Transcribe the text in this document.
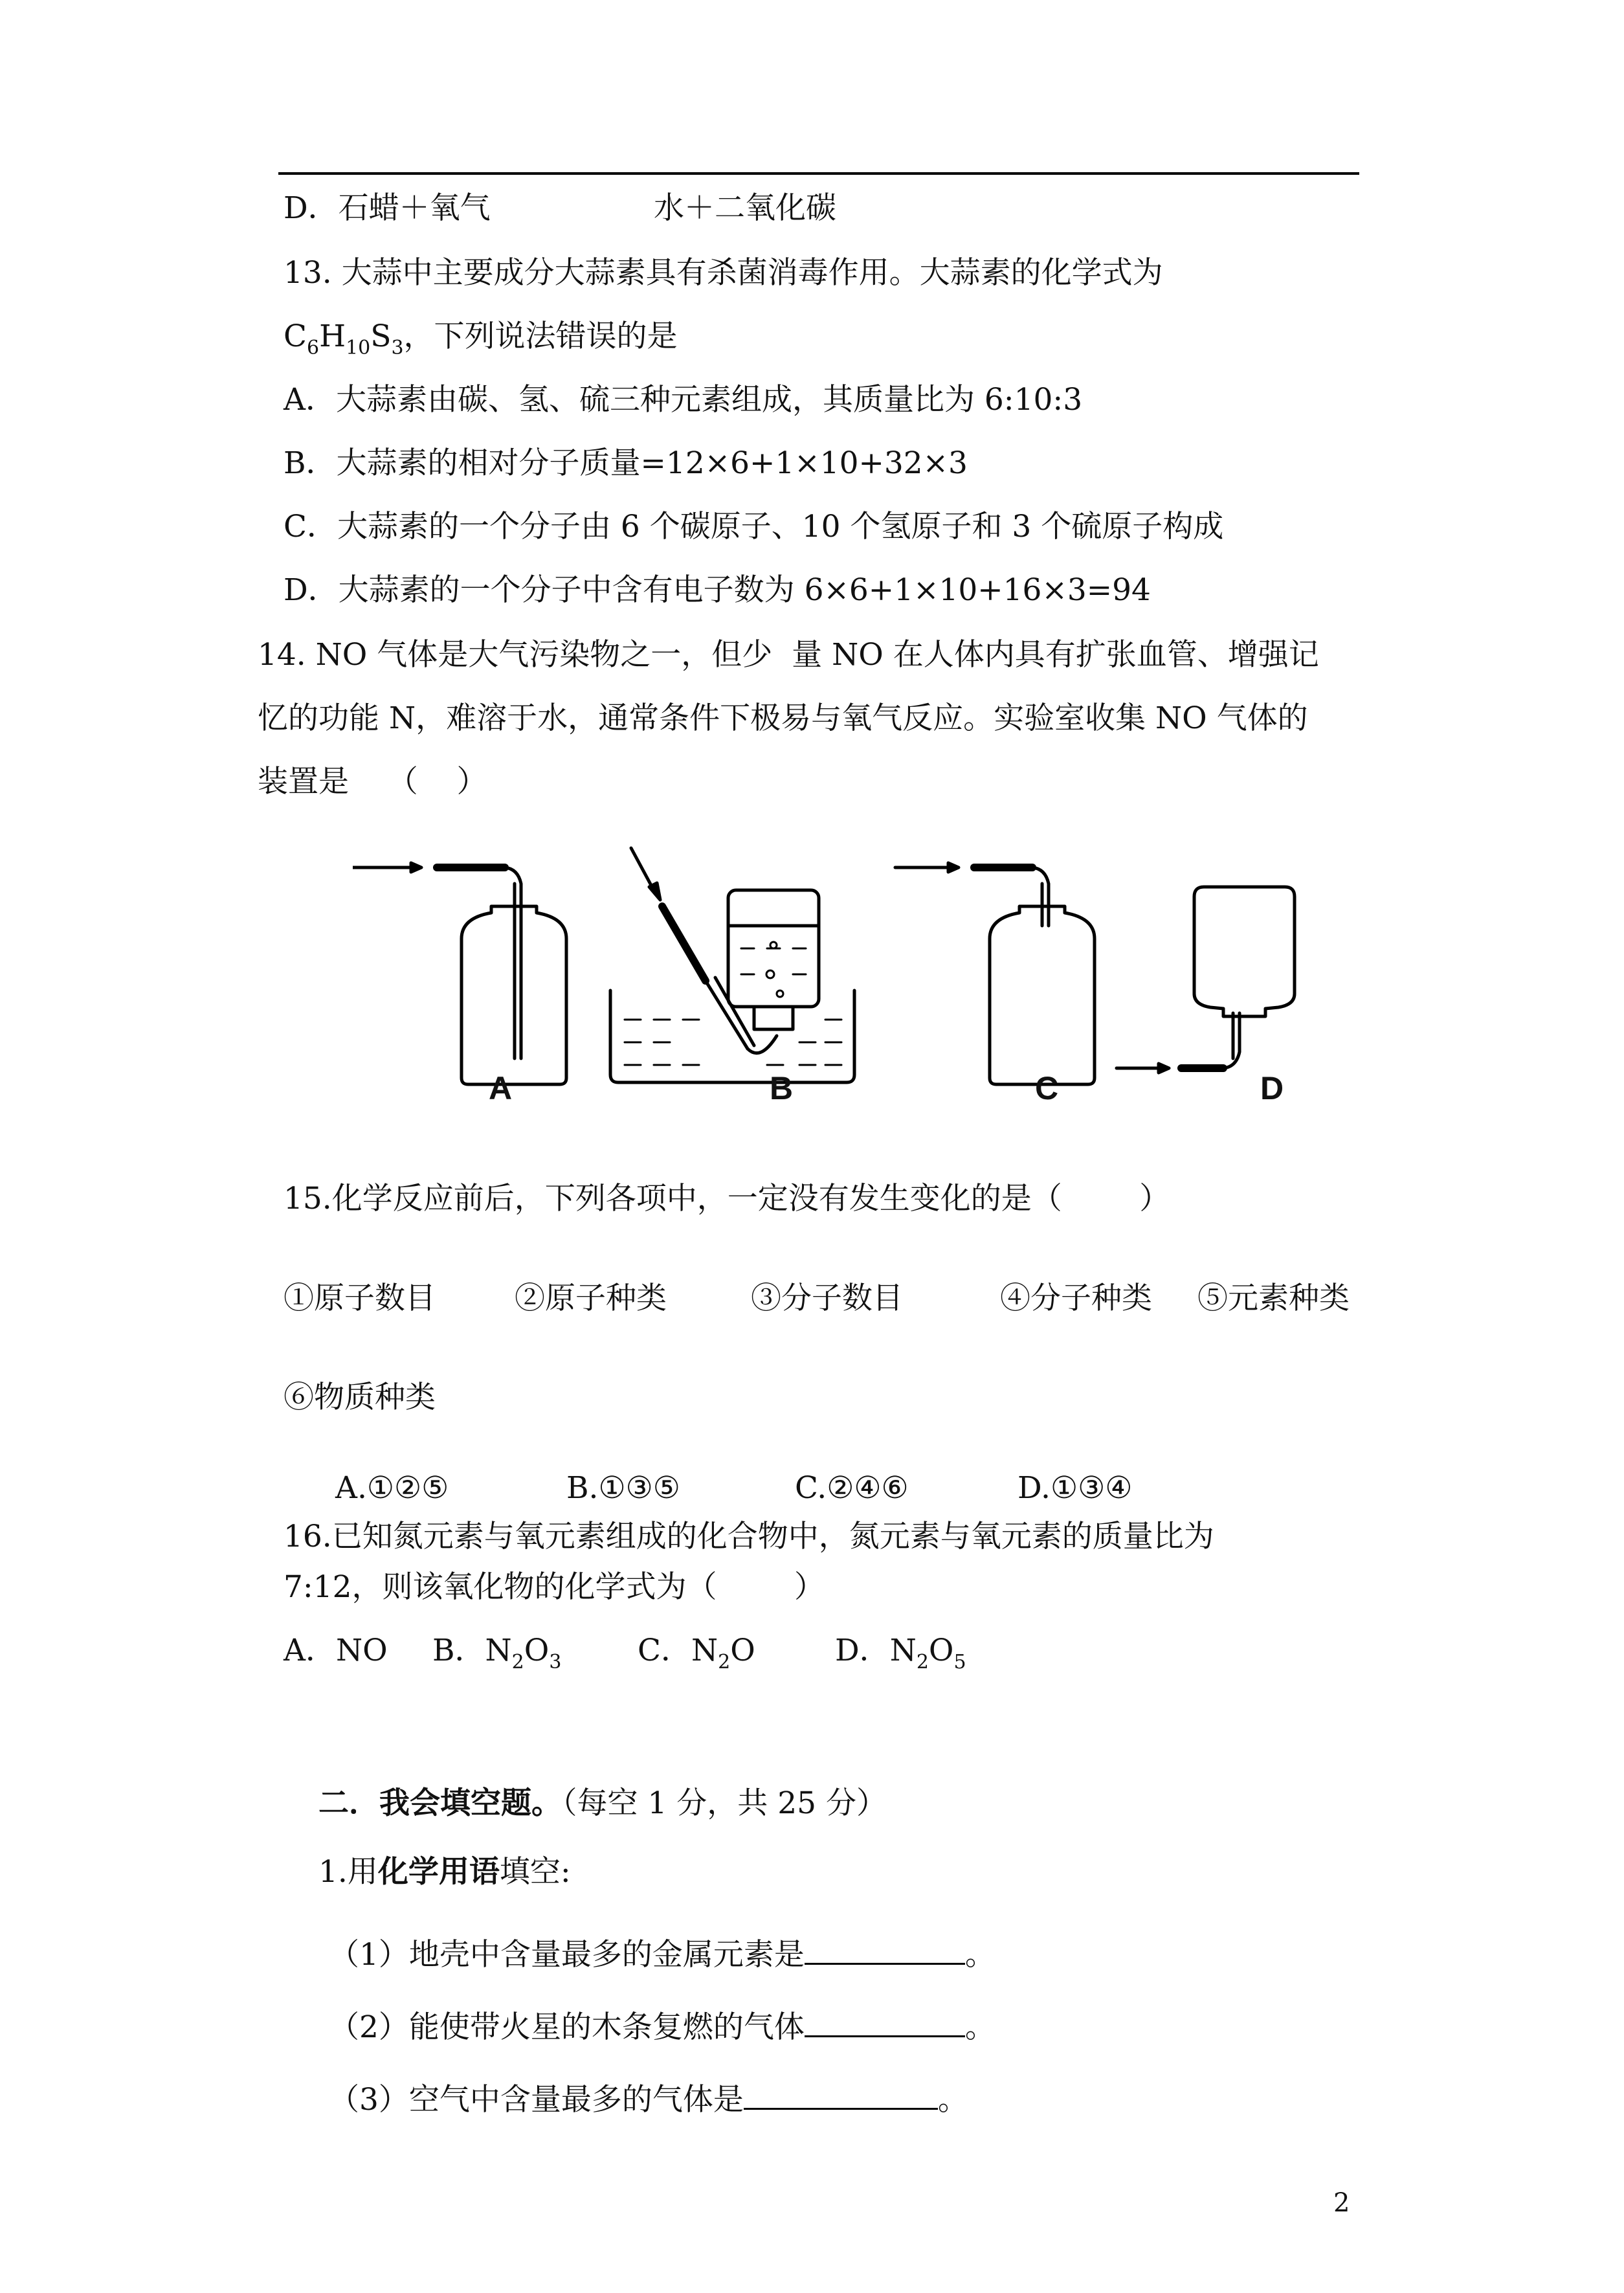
D．石蜡＋氧气	水＋二氧化碳
13. 大蒜中主要成分大蒜素具有杀菌消毒作用。大蒜素的化学式为
$C_6H_{10}S_3$，下列说法错误的是
A．大蒜素由碳、氢、硫三种元素组成，其质量比为 6:10:3
B．大蒜素的相对分子质量=12×6+1×10+32×3
C．大蒜素的一个分子由 6 个碳原子、10 个氢原子和 3 个硫原子构成
D．大蒜素的一个分子中含有电子数为 6×6+1×10+16×3=94
14. NO 气体是大气污染物之一，但少  量 NO 在人体内具有扩张血管、增强记
忆的功能 N，难溶于水，通常条件下极易与氧气反应。实验室收集 NO 气体的
装置是    （    ）
A	B	C	D
15.化学反应前后，下列各项中，一定没有发生变化的是（        ）
①原子数目	②原子种类	③分子数目	④分子种类 ⑤元素种类
⑥物质种类
A.①②⑤	B.①③⑤	C.②④⑥	D.①③④
16.已知氮元素与氧元素组成的化合物中，氮元素与氧元素的质量比为
7:12，则该氧化物的化学式为（        ）
A．NO B．$N_2O_3$	C．$N_2O$	D．$N_2O_5$
二．我会填空题。（每空 1 分，共 25 分）
1.用化学用语填空:
（1）地壳中含量最多的金属元素是	。
（2）能使带火星的木条复燃的气体	。
（3）空气中含量最多的气体是	。
2
